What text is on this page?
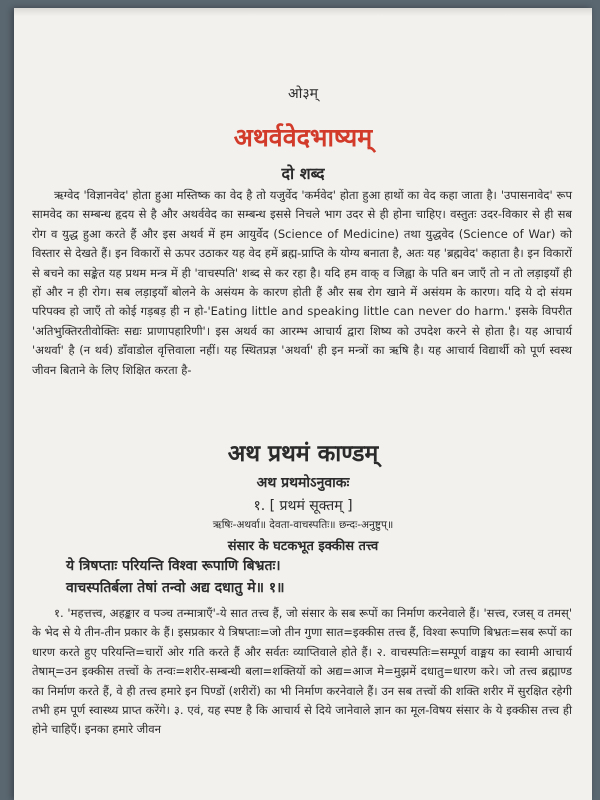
ओ३म्
अथर्ववेदभाष्यम्
दो शब्द

ऋग्वेद 'विज्ञानवेद' होता हुआ मस्तिष्क का वेद है तो यजुर्वेद 'कर्मवेद' होता हुआ हाथों का वेद कहा जाता है। 'उपासनावेद' रूप सामवेद का सम्बन्ध हृदय से है और अथर्ववेद का सम्बन्ध इससे निचले भाग उदर से ही होना चाहिए। वस्तुतः उदर-विकार से ही सब रोग व युद्ध हुआ करते हैं और इस अथर्व में हम आयुर्वेद (Science of Medicine) तथा युद्धवेद (Science of War) को विस्तार से देखते हैं। इन विकारों से ऊपर उठाकर यह वेद हमें ब्रह्म-प्राप्ति के योग्य बनाता है, अतः यह 'ब्रह्मवेद' कहाता है। इन विकारों से बचने का सङ्केत यह प्रथम मन्त्र में ही 'वाचस्पति' शब्द से कर रहा है। यदि हम वाक् व जिह्वा के पति बन जाएँ तो न तो लड़ाइयाँ ही हों और न ही रोग। सब लड़ाइयाँ बोलने के असंयम के कारण होती हैं और सब रोग खाने में असंयम के कारण। यदि ये दो संयम परिपक्व हो जाएँ तो कोई गड़बड़ ही न हो-'Eating little and speaking little can never do harm.' इसके विपरीत 'अतिभुक्तिरतीवोक्तिः सद्यः प्राणापहारिणी'। इस अथर्व का आरम्भ आचार्य द्वारा शिष्य को उपदेश करने से होता है। यह आचार्य 'अथर्वा' है (न थर्व) डाँवाडोल वृत्तिवाला नहीं। यह स्थितप्रज्ञ 'अथर्वा' ही इन मन्त्रों का ऋषि है। यह आचार्य विद्यार्थी को पूर्ण स्वस्थ जीवन बिताने के लिए शिक्षित करता है-

अथ प्रथमं काण्डम्
अथ प्रथमोऽनुवाकः
१. [ प्रथमं सूक्तम् ]
ऋषिः-अथर्वा॥ देवता-वाचस्पतिः॥ छन्दः-अनुष्टुप्॥
संसार के घटकभूत इक्कीस तत्त्व
ये त्रिषप्ताः परियन्ति विश्वा रूपाणि बिभ्रतः।
वाचस्पतिर्बला तेषां तन्वो अद्य दधातु मे॥ १॥

१. 'महत्तत्त्व, अहङ्कार व पञ्च तन्मात्राएँ'-ये सात तत्त्व हैं, जो संसार के सब रूपों का निर्माण करनेवाले हैं। 'सत्त्व, रजस् व तमस्' के भेद से ये तीन-तीन प्रकार के हैं। इसप्रकार ये त्रिषप्ताः=जो तीन गुणा सात=इक्कीस तत्त्व हैं, विश्वा रूपाणि बिभ्रतः=सब रूपों का धारण करते हुए परियन्ति=चारों ओर गति करते हैं और सर्वतः व्याप्तिवाले होते हैं। २. वाचस्पतिः=सम्पूर्ण वाङ्मय का स्वामी आचार्य तेषाम्=उन इक्कीस तत्त्वों के तन्वः=शरीर-सम्बन्धी बला=शक्तियों को अद्य=आज मे=मुझमें दधातु=धारण करे। जो तत्त्व ब्रह्माण्ड का निर्माण करते हैं, वे ही तत्त्व हमारे इन पिण्डों (शरीरों) का भी निर्माण करनेवाले हैं। उन सब तत्त्वों की शक्ति शरीर में सुरक्षित रहेगी तभी हम पूर्ण स्वास्थ्य प्राप्त करेंगे। ३. एवं, यह स्पष्ट है कि आचार्य से दिये जानेवाले ज्ञान का मूल-विषय संसार के ये इक्कीस तत्त्व ही होने चाहिएँ। इनका हमारे जीवन
